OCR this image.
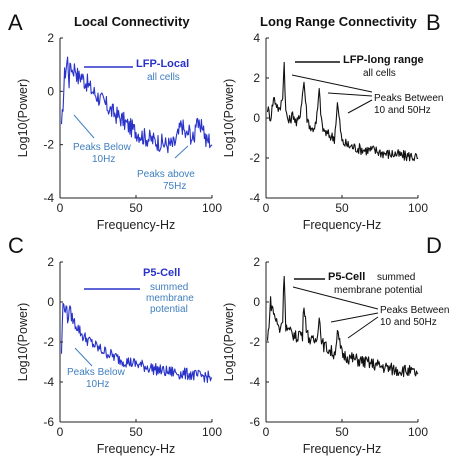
A	Local Connectivity	B
Long Range Connectivity
C	D
LFP-Local
all cells
Peaks Below
10Hz
Peaks above
75Hz
LFP-long range
all cells
Peaks Between
10 and 50Hz
P5-Cell
summed
membrane
potential
Peaks Below
10Hz
P5-Cell summed
membrane potential
Peaks Between
10 and 50Hz
0	50	100
-4
-2
0
2
Frequency-Hz
Log10(Power)
0	50	100
-4
-2
0
2
4
Frequency-Hz
Log10(Power)
0	50	100
-6
-4
-2
0
2
Frequency-Hz
Log10(Power)
0	50	100
-6
-4
-2
0
2
Frequency-Hz
Log10(Power)
